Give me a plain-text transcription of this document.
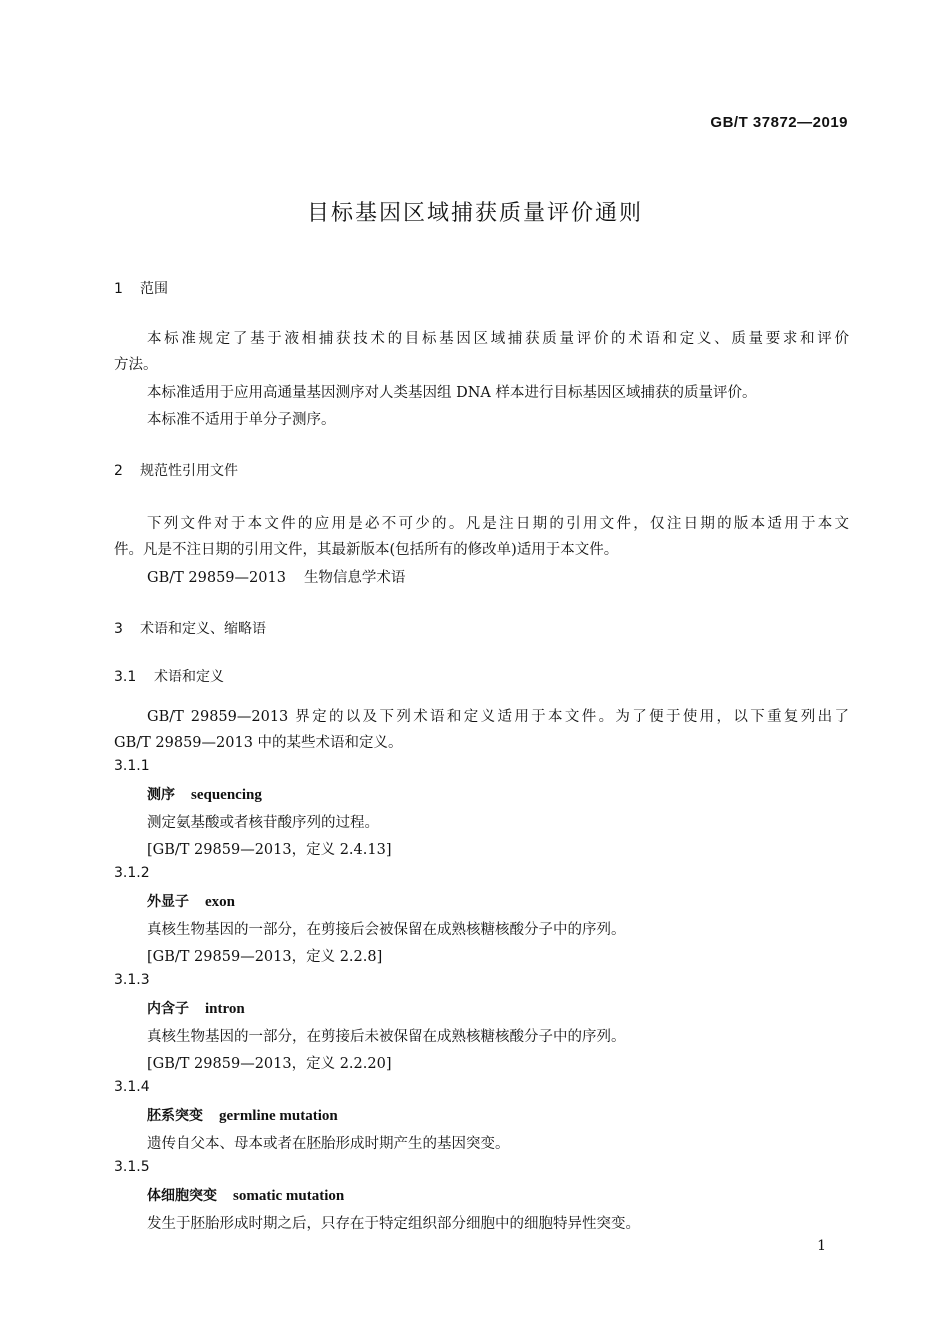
GB/T 37872—2019
目标基因区域捕获质量评价通则
1 范围
本标准规定了基于液相捕获技术的目标基因区域捕获质量评价的术语和定义、质量要求和评价
方法。
本标准适用于应用高通量基因测序对人类基因组 DNA 样本进行目标基因区域捕获的质量评价。
本标准不适用于单分子测序。
2 规范性引用文件
下列文件对于本文件的应用是必不可少的。凡是注日期的引用文件，仅注日期的版本适用于本文
件。凡是不注日期的引用文件，其最新版本(包括所有的修改单)适用于本文件。
GB/T 29859—2013 生物信息学术语
3 术语和定义、缩略语
3.1 术语和定义
GB/T 29859—2013 界定的以及下列术语和定义适用于本文件。为了便于使用，以下重复列出了
GB/T 29859—2013 中的某些术语和定义。
3.1.1
测序 sequencing
测定氨基酸或者核苷酸序列的过程。
[GB/T 29859—2013，定义 2.4.13]
3.1.2
外显子 exon
真核生物基因的一部分，在剪接后会被保留在成熟核糖核酸分子中的序列。
[GB/T 29859—2013，定义 2.2.8]
3.1.3
内含子 intron
真核生物基因的一部分，在剪接后未被保留在成熟核糖核酸分子中的序列。
[GB/T 29859—2013，定义 2.2.20]
3.1.4
胚系突变 germline mutation
遗传自父本、母本或者在胚胎形成时期产生的基因突变。
3.1.5
体细胞突变 somatic mutation
发生于胚胎形成时期之后，只存在于特定组织部分细胞中的细胞特异性突变。
1
